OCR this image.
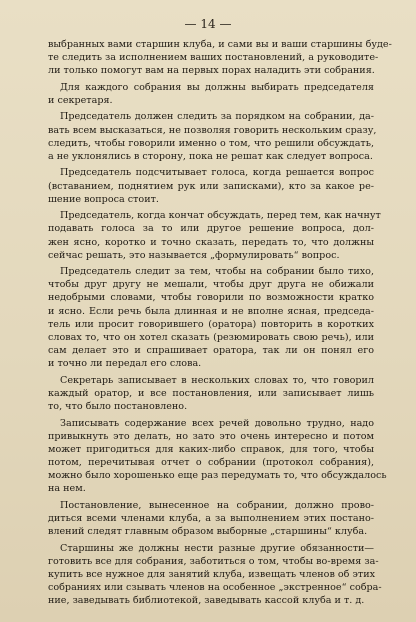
— 14 —
выбранных вами старшин клуба, и сами вы и ваши старшины буде-
те следить за исполнением ваших постановлений, а руководите-
ли только помогут вам на первых порах наладить эти собрания.
Для каждого собрания вы должны выбирать председателя
и секретаря.
Председатель должен следить за порядком на собрании, да-
вать всем высказаться, не позволяя говорить нескольким сразу,
следить, чтобы говорили именно о том, что решили обсуждать,
а не уклонялись в сторону, пока не решат как следует вопроса.
Председатель подсчитывает голоса, когда решается вопрос
(вставанием, поднятием рук или записками), кто за какое ре-
шение вопроса стоит.
Председатель, когда кончат обсуждать, перед тем, как начнут
подавать голоса за то или другое решение вопроса, дол-
жен ясно, коротко и точно сказать, передать то, что должны
сейчас решать, это называется „формулировать“ вопрос.
Председатель следит за тем, чтобы на собрании было тихо,
чтобы друг другу не мешали, чтобы друг друга не обижали
недобрыми словами, чтобы говорили по возможности кратко
и ясно. Если речь была длинная и не вполне ясная, председа-
тель или просит говорившего (оратора) повторить в коротких
словах то, что он хотел сказать (резюмировать свою речь), или
сам делает это и спрашивает оратора, так ли он понял его
и точно ли передал его слова.
Секретарь записывает в нескольких словах то, что говорил
каждый оратор, и все постановления, или записывает лишь
то, что было постановлено.
Записывать содержание всех речей довольно трудно, надо
привыкнуть это делать, но зато это очень интересно и потом
может пригодиться для каких-либо справок, для того, чтобы
потом, перечитывая отчет о собрании (протокол собрания),
можно было хорошенько еще раз передумать то, что обсуждалось
на нем.
Постановление, вынесенное на собрании, должно прово-
диться всеми членами клуба, а за выполнением этих постано-
влений следят главным образом выборные „старшины“ клуба.
Старшины же должны нести разные другие обязанности—
готовить все для собрания, заботиться о том, чтобы во-время за-
купить все нужное для занятий клуба, извещать членов об этих
собраниях или сзывать членов на особенное „экстренное“ собра-
ние, заведывать библиотекой, заведывать кассой клуба и т. д.
